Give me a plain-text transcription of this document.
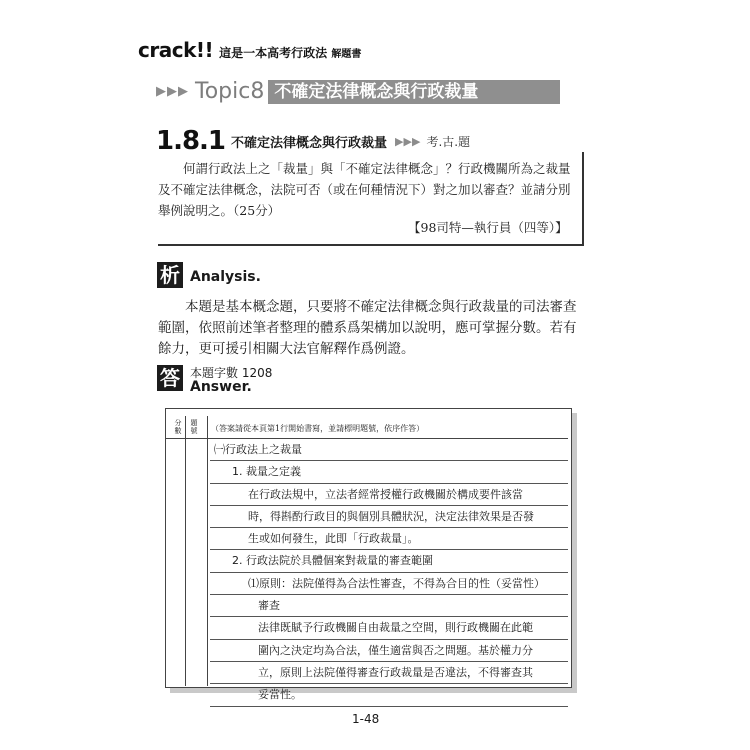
crack!! 這是一本高考行政法 解題書
▶▶▶ Topic8 不確定法律概念與行政裁量
1.8.1 不確定法律概念與行政裁量 ▶▶▶ 考.古.題
何謂行政法上之「裁量」與「不確定法律概念」？行政機關所為之裁量及不確定法律概念，法院可否（或在何種情況下）對之加以審查？並請分別舉例說明之。（25分）
【98司特—執行員（四等）】
析 Analysis.
本題是基本概念題，只要將不確定法律概念與行政裁量的司法審查範圍，依照前述筆者整理的體系爲架構加以說明，應可掌握分數。若有餘力，更可援引相關大法官解釋作爲例證。
答 本題字數 1208
Answer.
分數
題號 （答案請從本頁第1行開始書寫，並請標明題號，依序作答）
㈠行政法上之裁量
1. 裁量之定義
在行政法規中，立法者經常授權行政機關於構成要件該當
時，得斟酌行政目的與個別具體狀況，決定法律效果是否發
生或如何發生，此即「行政裁量」。
2. 行政法院於具體個案對裁量的審查範圍
⑴原則：法院僅得為合法性審查，不得為合目的性（妥當性）
審查
法律既賦予行政機關自由裁量之空間，則行政機關在此範
圍內之決定均為合法，僅生適當與否之問題。基於權力分
立，原則上法院僅得審查行政裁量是否違法，不得審查其
妥當性。
1-48
